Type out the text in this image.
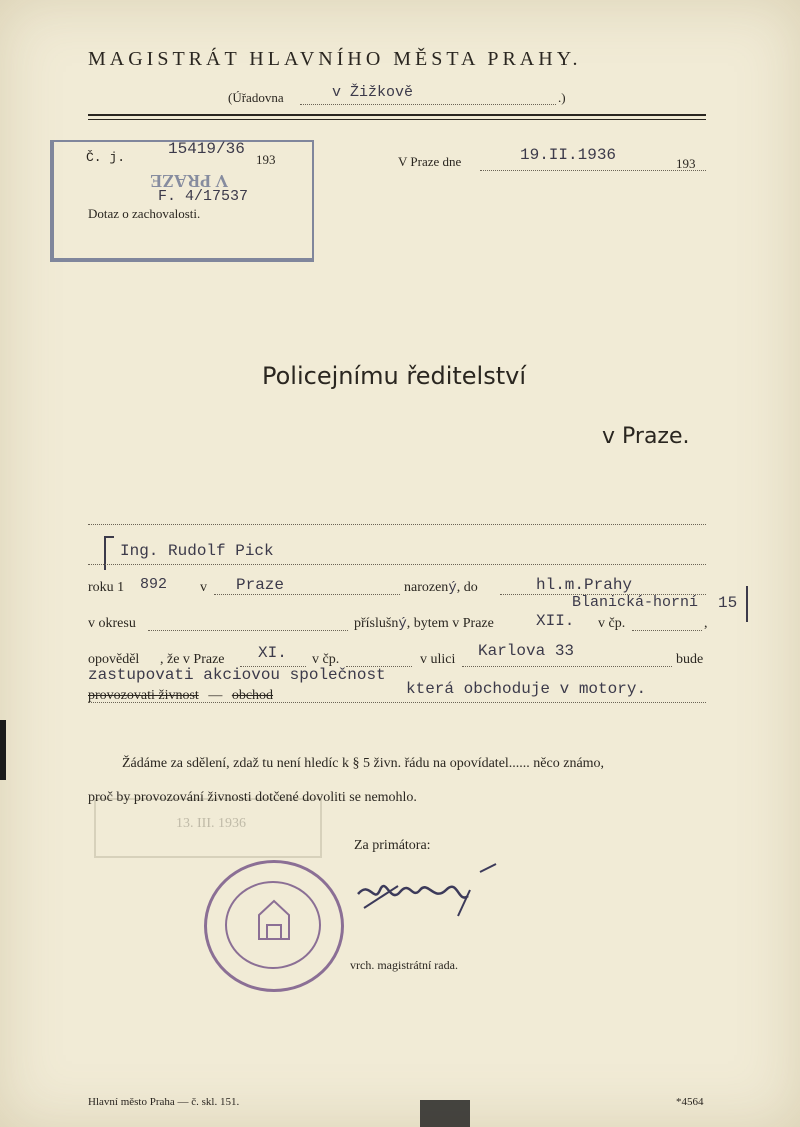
MAGISTRÁT HLAVNÍHO MĚSTA PRAHY.
(Úřadovna	v Žižkově	.)
Č. j.	15419/36
193
V PRAZE
F. 4/17537
Dotaz o zachovalosti.
V Praze dne	19.II.1936	193
Policejnímu ředitelství
v Praze.
Ing. Rudolf Pick
roku 1 892 v Praze	narozený, do	hl.m.Prahy
Blanická-horní 15
v okresu	příslušný, bytem v Praze	XII. v čp.	,
opověděl , že v Praze XI. v čp.	v ulici Karlova 33	bude
zastupovati akciovou společnost
provozovati živnost — obchod	která obchoduje v motory.
13. III. 1936
Žádáme za sdělení, zdaž tu není hledíc k § 5 živn. řádu na opovídatel...... něco známo,
proč by provozování živnosti dotčené dovoliti se nemohlo.
Za primátora:
vrch. magistrátní rada.
Hlavní město Praha — č. skl. 151.	*4564
